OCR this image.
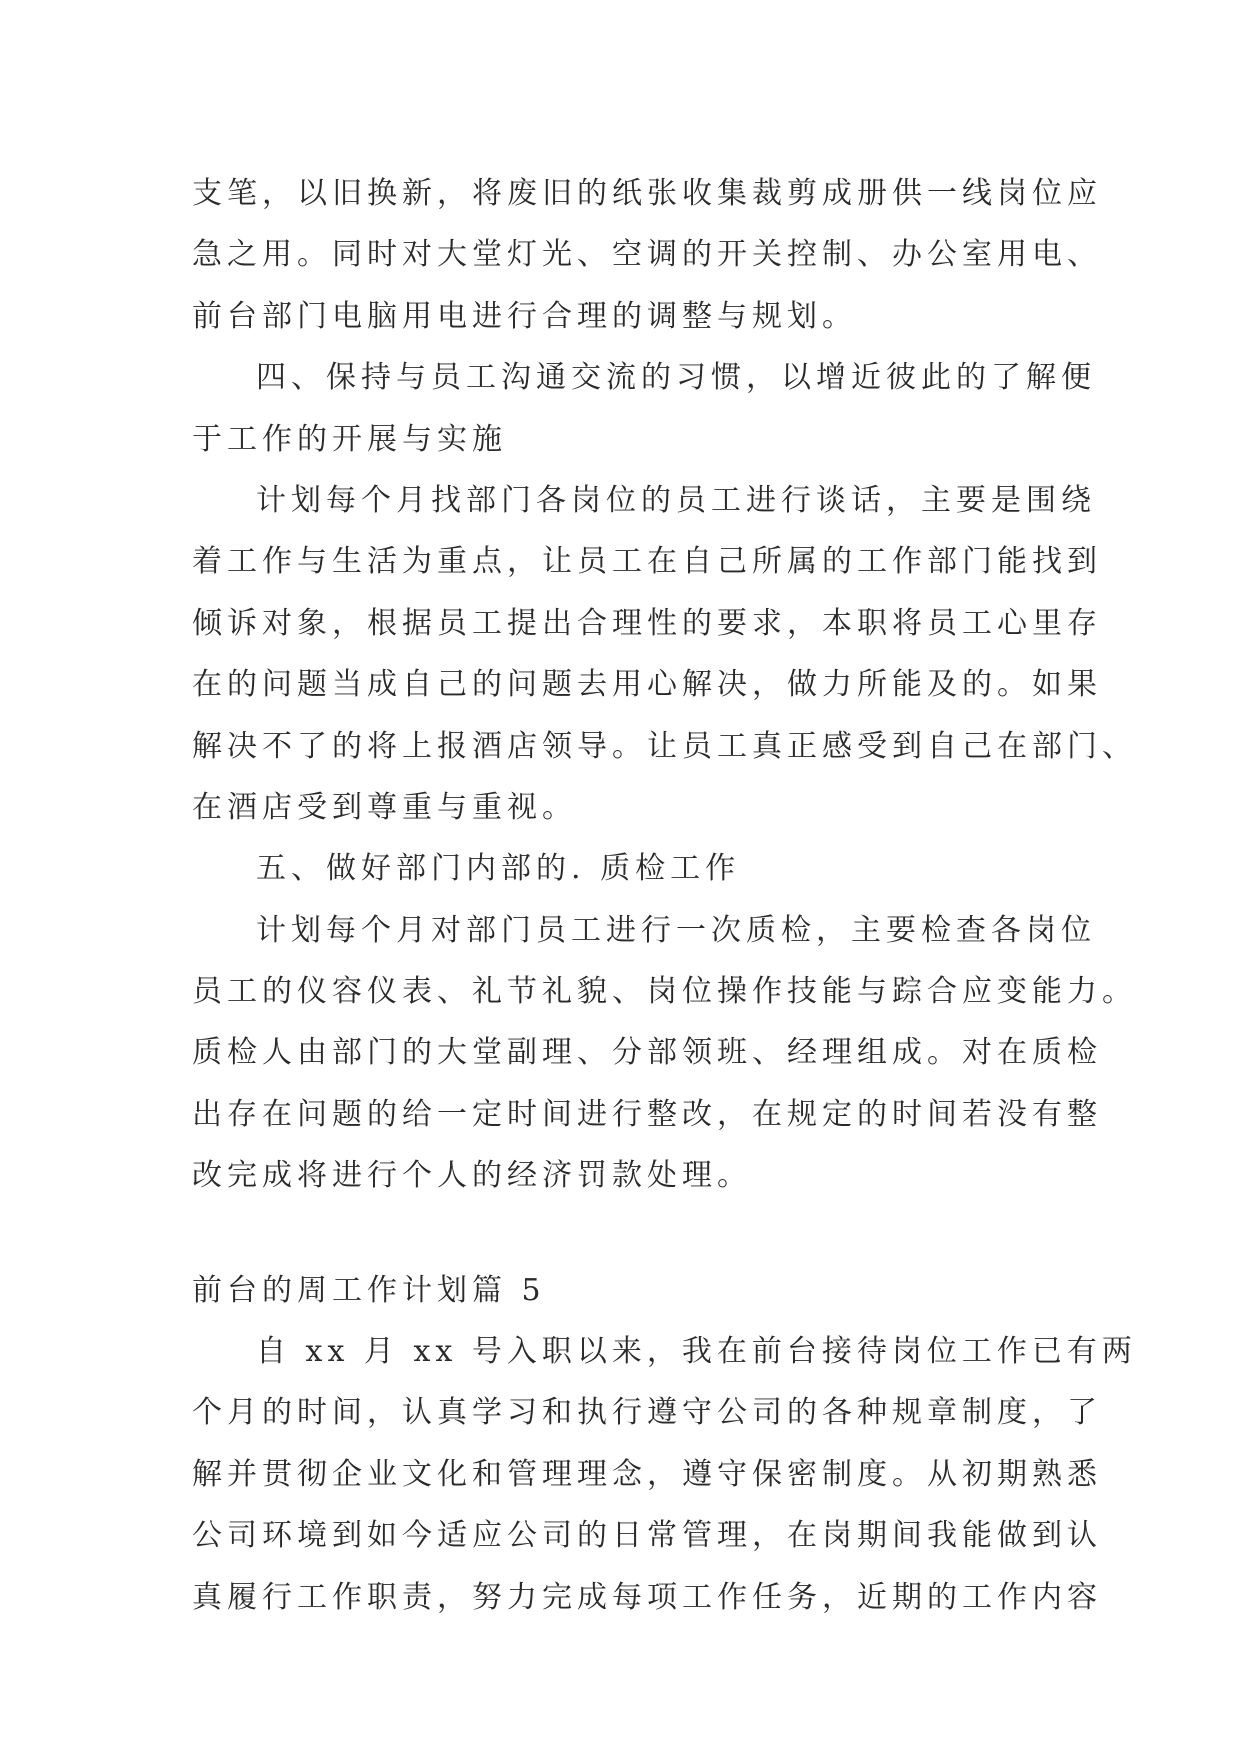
支笔，以旧换新，将废旧的纸张收集裁剪成册供一线岗位应
急之用。同时对大堂灯光、空调的开关控制、办公室用电、
前台部门电脑用电进行合理的调整与规划。
四、保持与员工沟通交流的习惯，以增近彼此的了解便
于工作的开展与实施
计划每个月找部门各岗位的员工进行谈话，主要是围绕
着工作与生活为重点，让员工在自己所属的工作部门能找到
倾诉对象，根据员工提出合理性的要求，本职将员工心里存
在的问题当成自己的问题去用心解决，做力所能及的。如果
解决不了的将上报酒店领导。让员工真正感受到自己在部门、
在酒店受到尊重与重视。
五、做好部门内部的. 质检工作
计划每个月对部门员工进行一次质检，主要检查各岗位
员工的仪容仪表、礼节礼貌、岗位操作技能与踪合应变能力。
质检人由部门的大堂副理、分部领班、经理组成。对在质检
出存在问题的给一定时间进行整改，在规定的时间若没有整
改完成将进行个人的经济罚款处理。
前台的周工作计划篇 5
自 xx 月 xx 号入职以来，我在前台接待岗位工作已有两
个月的时间，认真学习和执行遵守公司的各种规章制度，了
解并贯彻企业文化和管理理念，遵守保密制度。从初期熟悉
公司环境到如今适应公司的日常管理，在岗期间我能做到认
真履行工作职责，努力完成每项工作任务，近期的工作内容
